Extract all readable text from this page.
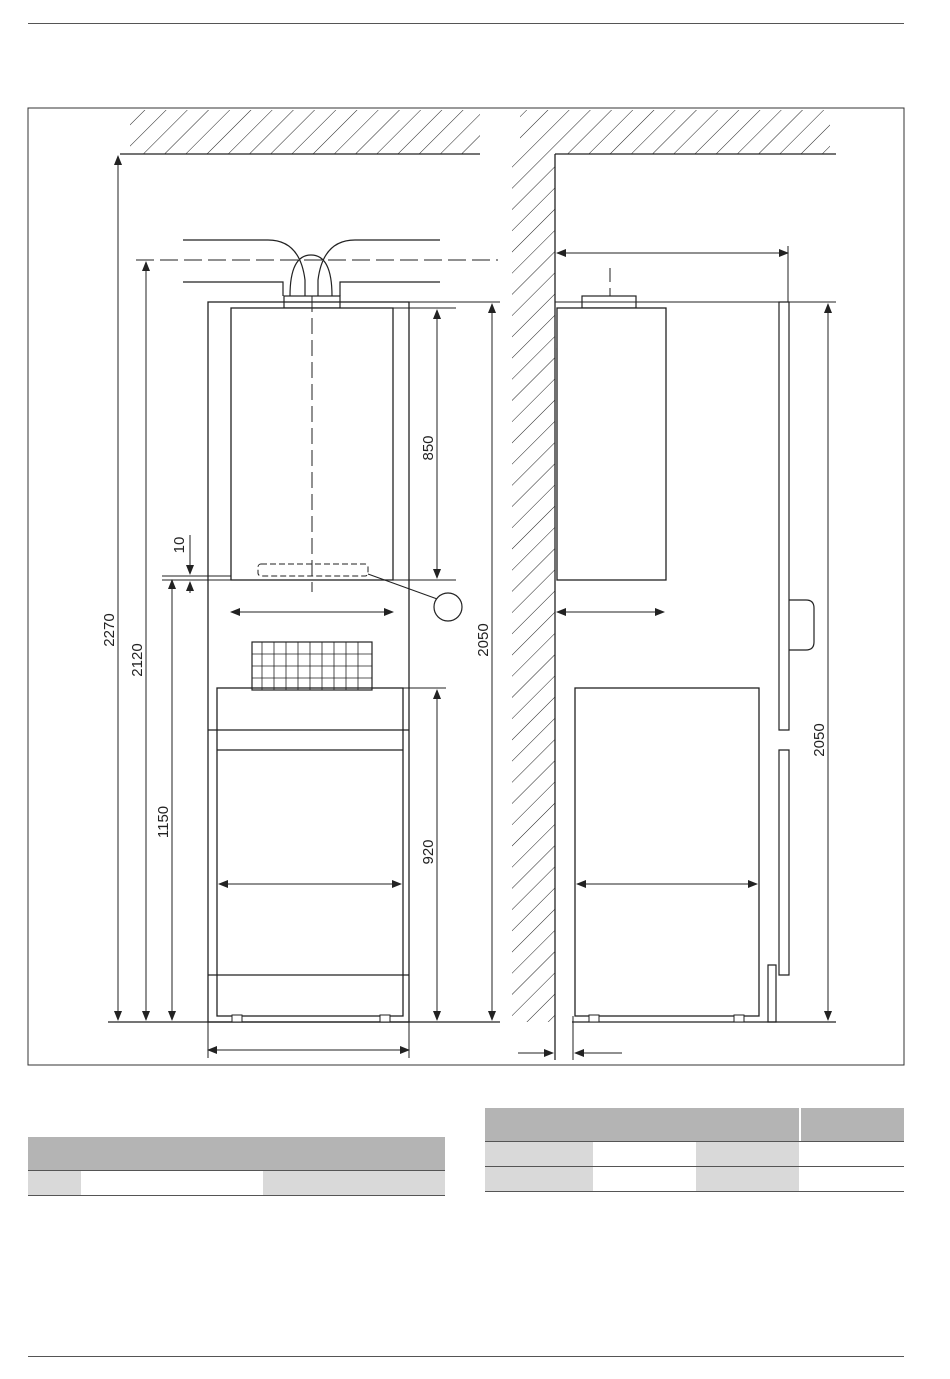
2270
2120
1150
10
850
920
2050
2050
